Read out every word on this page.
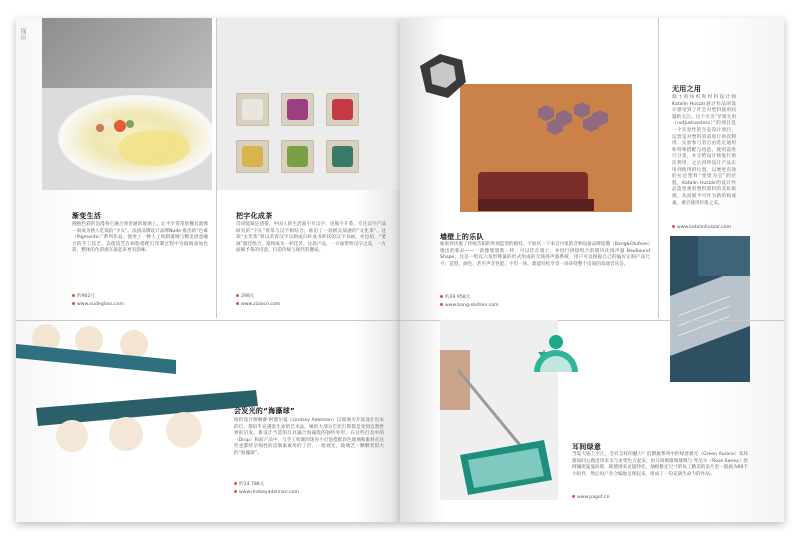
探店
渐变生活
拥抱色彩的浪漫将它融合到普通的玻璃上，让平平常常的餐具就像一束成为摆人吃饭的“少女”。法国品牌设计品牌Nude 推出的“色素（Pigmento）”系列作品，使用了一种人工吹制玻璃与精美创意融合的手工技艺，以使技艺在树脂搭配打印制过程中为玻璃添加色彩，整体的色彩感在最起来更有韵味。
约902元
www.nudeglass.com
把字化成茶
诗词能凝定诸茶，中国人的生活离不开汉字，也离不开茶。专注汉字产品研究的“字在”将茶与汉字相结合，推出了一款极具质感的“文化茶”。这款“太优茶”将以苗青汉字压制成扫杆成书杯状的汉字书画，并包括，“笔画”最佳组合，最终成为一杯佳茗。这款产品，一方面带给汉字之美，一方面赋予茶的诗意，打造传统与现代的邂逅。
298元
www.zizaicn.com
会发光的“海藻球”
纽约设计师琳赛·阿德尔曼（Lindsey Adelman）以玻璃为介质设计出来的灯，都似乎充满着生命的艺术品。她的大部分告状灯饰都是受到自然世界的启发。新设计当选的灯具融合海藻般的独特外形，在这些灯具中的（Drop）和前产品中，与手工吹制的迷你小灯泡搭配彩色玻璃和素材在这些也都经亲细性的适制素素用的了层，一般观光，玻璃艺一颗颗类似大的“海藻球”。
约14 788元
www.lindseyadelman.com
墙壁上的乐队
如果你厌倦了传统音箱的外观造型的模样，不妨试一下来自丹麦的音响设备品牌铂傲（Bang&Olufsen）推出的新品——一款像墙墙饰一样，可以挂在墙上，并进行拼接组合的模块化扬声器 BeoSound Shape。这是一组以六角形蜂巢的形式组成的无线扬声器系统，用户可以根据自己的偏好定制产品尺寸、造型、颜色、甚至声音性能，不但一体，就能轻松享受一场环绕整个房间的高端音乐会。
约29 958元
www.bang-olufsen.com
无用之用
瑞士的纺织和材料设计师 Katalin Huszár通过作品的设计感受到了社会对塑料使用问题的关注。这个名为“苹果无用（notjustuseless）”的项目是一个实验性的生态设计项目，运营是对塑料管道进行再次利用。实验参与者自由选定通用和特殊搭配与再造，使用前进行分类，并交给设计师进行再次利用。之后再将设计产品实用到使用的位置，以便更有效的拉近塑料“变废为宝”的过程，Katalin Huszár的设计作品造型观察塑料废料的美好质感，从而赋予可作为新的构成素，重启使用价值之美。
www.katalinhuszar.com
耳间绿意
当夏天临上至汇，会有怎样的魅力？伯爵旗系列中的绿意极光（Green Aurora）耳环就如同公鹿沿用来水与来变色合起来，由分简被玻璃玻璃与·琴尼尔（Rose Sanex）丝网镶嵌曼曼纷那，联德围来灵镜特化，抽根雅定尺寸的每工精美的泉片里一般质为60个小组件，然后再产业合编地呈现起来。组成了一份充满生命力的作品。
www.paget.cn
